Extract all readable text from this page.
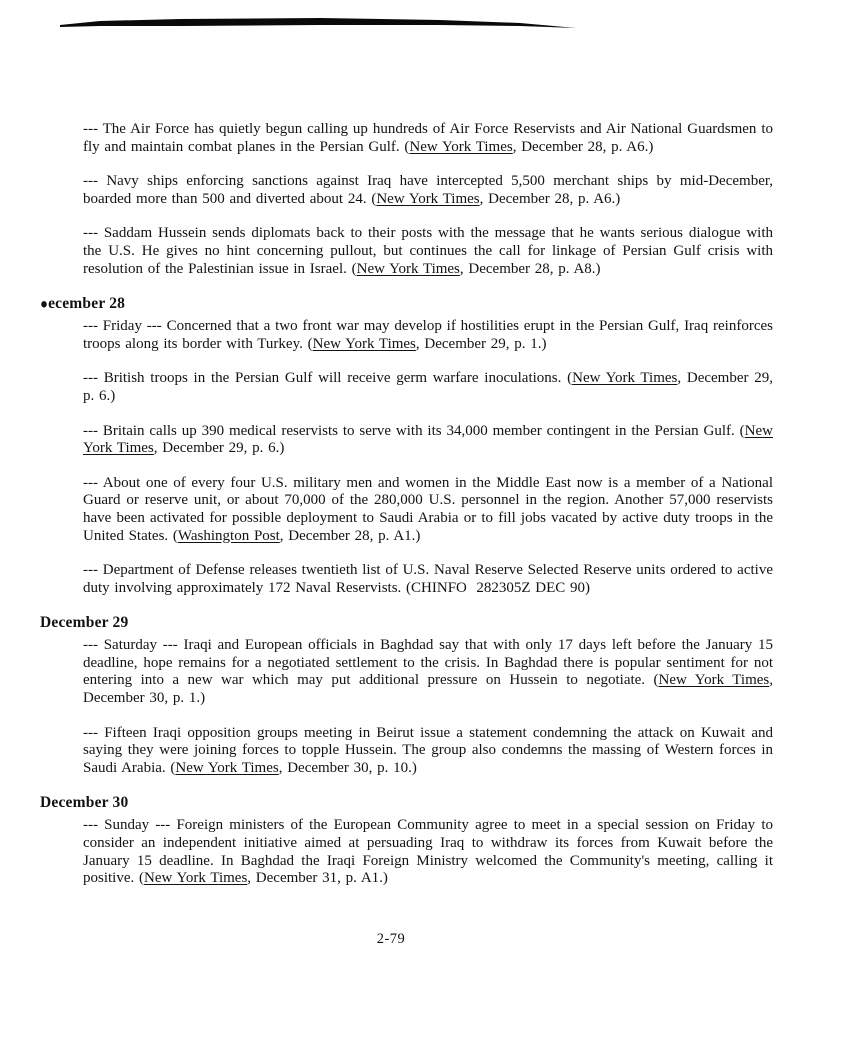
--- The Air Force has quietly begun calling up hundreds of Air Force Reservists and Air National Guardsmen to fly and maintain combat planes in the Persian Gulf. (New York Times, December 28, p. A6.)

--- Navy ships enforcing sanctions against Iraq have intercepted 5,500 merchant ships by mid-December, boarded more than 500 and diverted about 24. (New York Times, December 28, p. A6.)

--- Saddam Hussein sends diplomats back to their posts with the message that he wants serious dialogue with the U.S. He gives no hint concerning pullout, but continues the call for linkage of Persian Gulf crisis with resolution of the Palestinian issue in Israel. (New York Times, December 28, p. A8.)

●ecember 28

--- Friday --- Concerned that a two front war may develop if hostilities erupt in the Persian Gulf, Iraq reinforces troops along its border with Turkey. (New York Times, December 29, p. 1.)

--- British troops in the Persian Gulf will receive germ warfare inoculations. (New York Times, December 29, p. 6.)

--- Britain calls up 390 medical reservists to serve with its 34,000 member contingent in the Persian Gulf. (New York Times, December 29, p. 6.)

--- About one of every four U.S. military men and women in the Middle East now is a member of a National Guard or reserve unit, or about 70,000 of the 280,000 U.S. personnel in the region. Another 57,000 reservists have been activated for possible deployment to Saudi Arabia or to fill jobs vacated by active duty troops in the United States. (Washington Post, December 28, p. A1.)

--- Department of Defense releases twentieth list of U.S. Naval Reserve Selected Reserve units ordered to active duty involving approximately 172 Naval Reservists. (CHINFO  282305Z DEC 90)

December 29

--- Saturday --- Iraqi and European officials in Baghdad say that with only 17 days left before the January 15 deadline, hope remains for a negotiated settlement to the crisis. In Baghdad there is popular sentiment for not entering into a new war which may put additional pressure on Hussein to negotiate. (New York Times, December 30, p. 1.)

--- Fifteen Iraqi opposition groups meeting in Beirut issue a statement condemning the attack on Kuwait and saying they were joining forces to topple Hussein. The group also condemns the massing of Western forces in Saudi Arabia. (New York Times, December 30, p. 10.)

December 30

--- Sunday --- Foreign ministers of the European Community agree to meet in a special session on Friday to consider an independent initiative aimed at persuading Iraq to withdraw its forces from Kuwait before the January 15 deadline. In Baghdad the Iraqi Foreign Ministry welcomed the Community's meeting, calling it positive. (New York Times, December 31, p. A1.)

2-79
